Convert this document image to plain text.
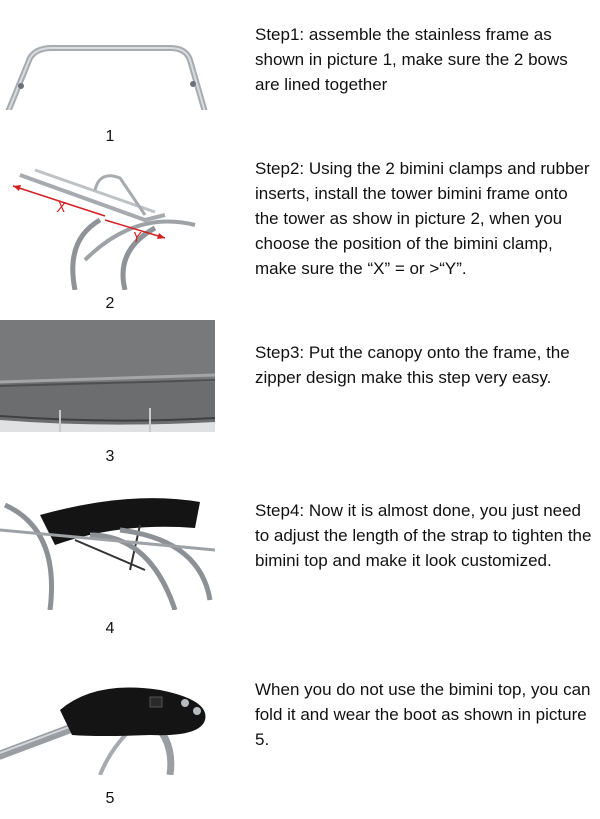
1

Step1: assemble the stainless frame as shown in picture 1, make sure the 2 bows are lined together

X
Y
2

Step2: Using the 2 bimini clamps and rubber inserts, install the tower bimini frame onto the tower as show in picture 2, when you choose the position of the bimini clamp, make sure the “X” = or >“Y”.

3

Step3: Put the canopy onto the frame, the zipper design make this step very easy.

4

Step4: Now it is almost done, you just need to adjust the length of the strap to tighten the bimini top and make it look customized.

5

When you do not use the bimini top, you can fold it and wear the boot as shown in picture 5.
